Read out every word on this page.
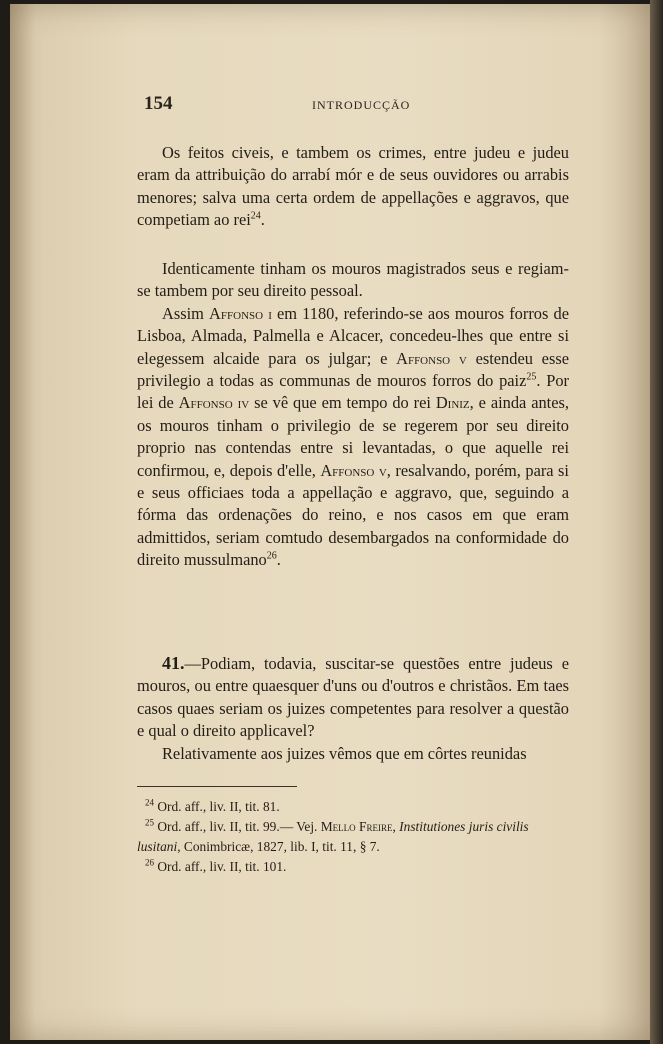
154	INTRODUCÇÃO

Os feitos civeis, e tambem os crimes, entre judeu e judeu eram da attribuição do arrabí mór e de seus ouvidores ou arrabis menores; salva uma certa ordem de appellações e aggravos, que competiam ao rei$^{24}$.

Identicamente tinham os mouros magistrados seus e regiam-se tambem por seu direito pessoal.

Assim Affonso i em 1180, referindo-se aos mouros forros de Lisboa, Almada, Palmella e Alcacer, concedeu-lhes que entre si elegessem alcaide para os julgar; e Affonso v estendeu esse privilegio a todas as communas de mouros forros do paiz$^{25}$. Por lei de Affonso iv se vê que em tempo do rei Diniz, e ainda antes, os mouros tinham o privilegio de se regerem por seu direito proprio nas contendas entre si levantadas, o que aquelle rei confirmou, e, depois d'elle, Affonso v, resalvando, porém, para si e seus officiaes toda a appellação e aggravo, que, seguindo a fórma das ordenações do reino, e nos casos em que eram admittidos, seriam comtudo desembargados na conformidade do direito mussulmano$^{26}$.

41.—Podiam, todavia, suscitar-se questões entre judeus e mouros, ou entre quaesquer d'uns ou d'outros e christãos. Em taes casos quaes seriam os juizes competentes para resolver a questão e qual o direito applicavel?

Relativamente aos juizes vêmos que em côrtes reunidas

$^{24}$ Ord. aff., liv. II, tit. 81.

$^{25}$ Ord. aff., liv. II, tit. 99.— Vej. Mello Freire, Institutiones juris civilis lusitani, Conimbricæ, 1827, lib. I, tit. 11, § 7.

$^{26}$ Ord. aff., liv. II, tit. 101.
